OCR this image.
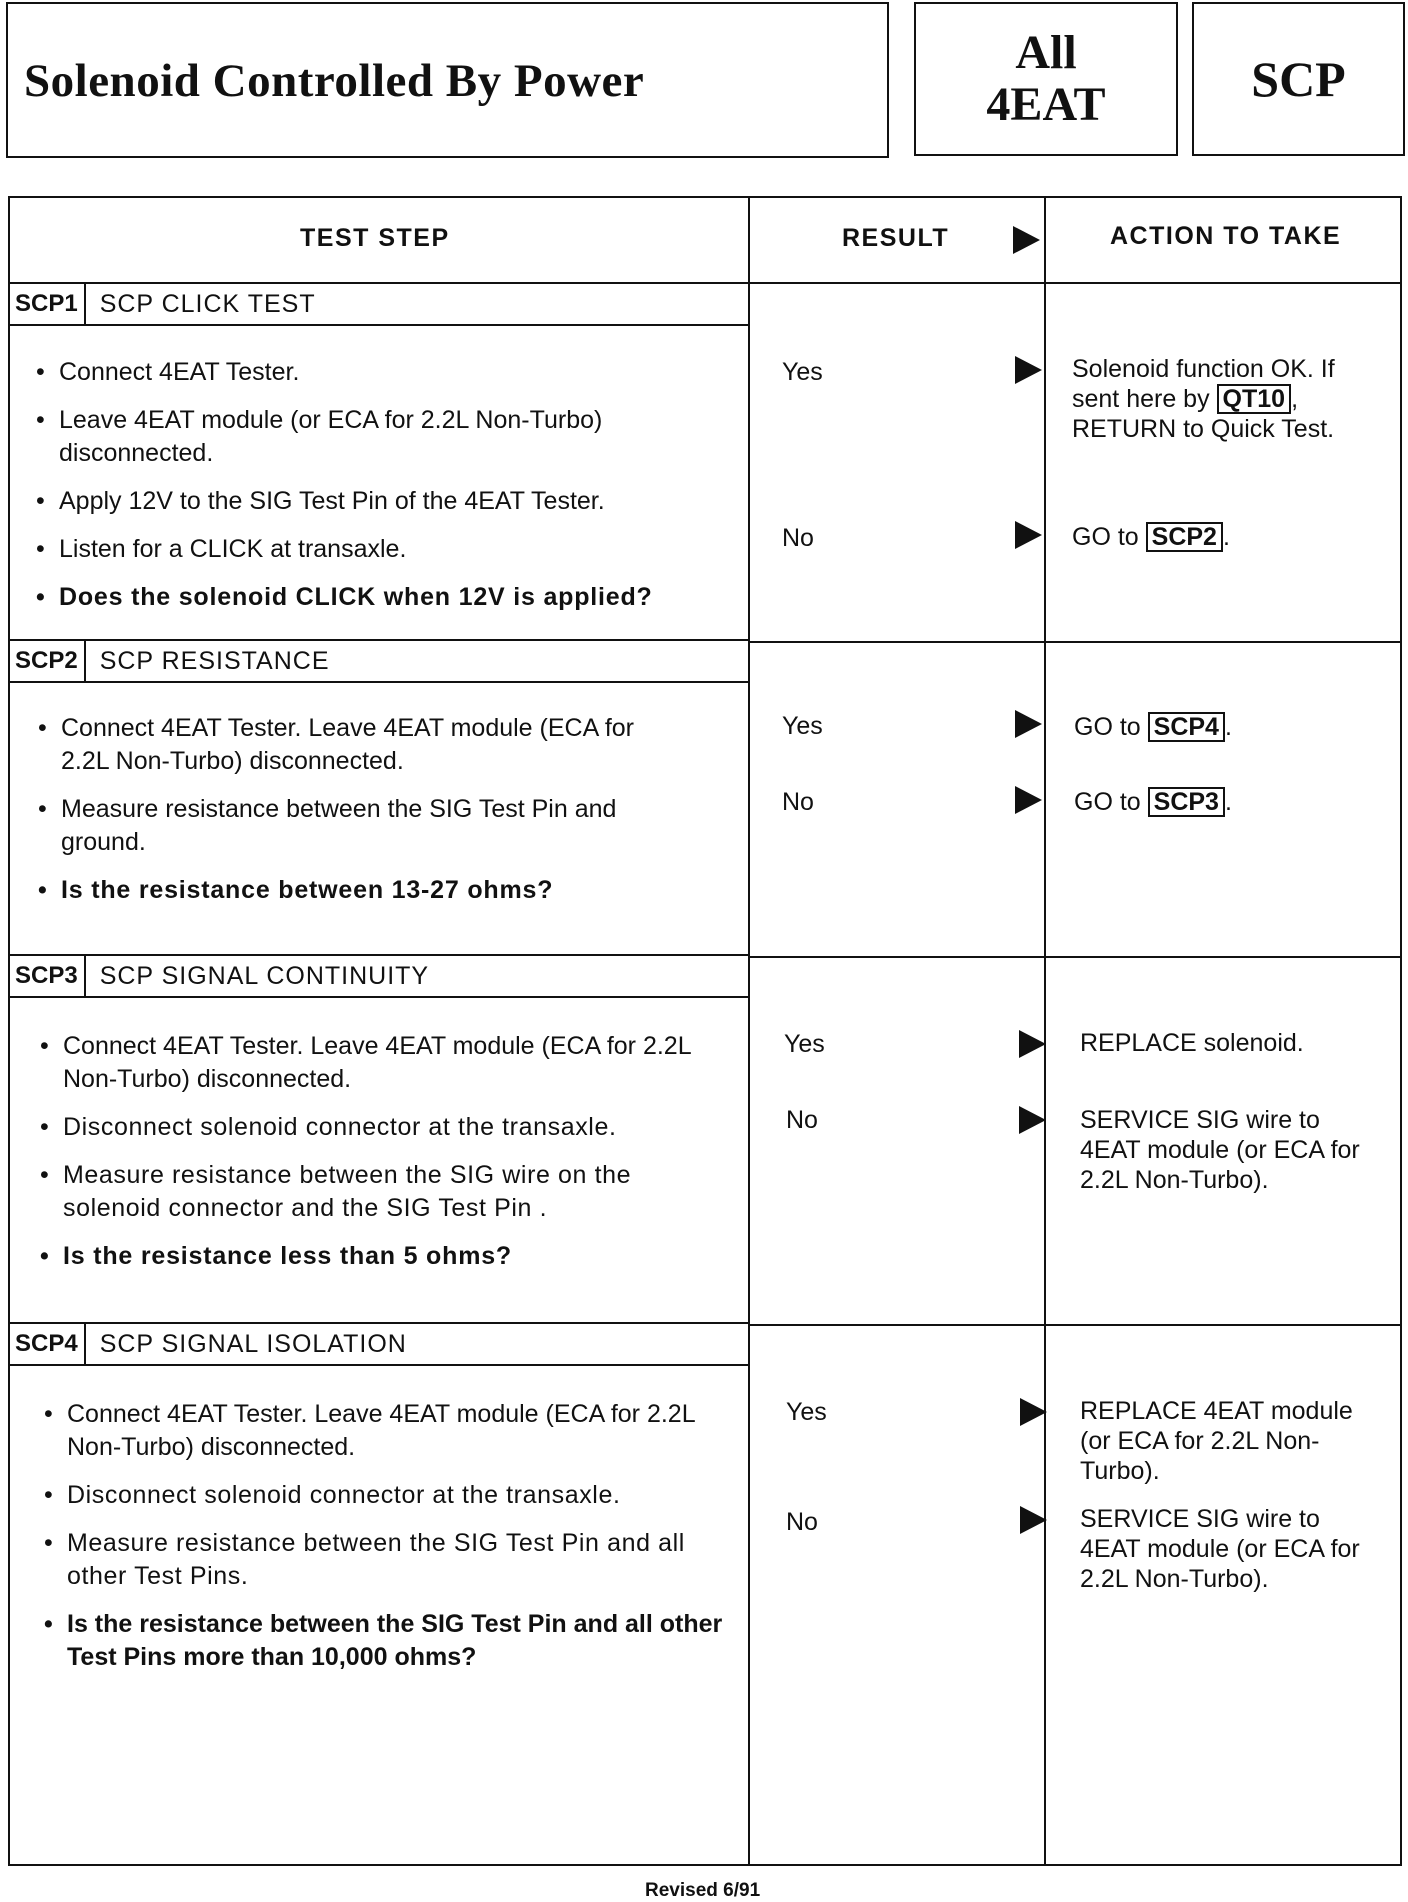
Solenoid Controlled By Power
All
4EAT	SCP
TEST STEP	RESULT	ACTION TO TAKE
SCP1 SCP CLICK TEST
• Connect 4EAT Tester.
• Leave 4EAT module (or ECA for 2.2L Non-Turbo) disconnected.
• Apply 12V to the SIG Test Pin of the 4EAT Tester.
• Listen for a CLICK at transaxle.
• Does the solenoid CLICK when 12V is applied?
Yes	Solenoid function OK. If sent here by QT10 , RETURN to Quick Test.
No	GO to SCP2 .
SCP2 SCP RESISTANCE
• Connect 4EAT Tester. Leave 4EAT module (ECA for 2.2L Non-Turbo) disconnected.
• Measure resistance between the SIG Test Pin and ground.
• Is the resistance between 13-27 ohms?
Yes	GO to SCP4 .
No	GO to SCP3 .
SCP3 SCP SIGNAL CONTINUITY
• Connect 4EAT Tester. Leave 4EAT module (ECA for 2.2L Non-Turbo) disconnected.
• Disconnect solenoid connector at the transaxle.
• Measure resistance between the SIG wire on the solenoid connector and the SIG Test Pin .
• Is the resistance less than 5 ohms?
Yes	REPLACE solenoid.
No	SERVICE SIG wire to 4EAT module (or ECA for 2.2L Non-Turbo).
SCP4 SCP SIGNAL ISOLATION
• Connect 4EAT Tester. Leave 4EAT module (ECA for 2.2L Non-Turbo) disconnected.
• Disconnect solenoid connector at the transaxle.
• Measure resistance between the SIG Test Pin and all other Test Pins.
• Is the resistance between the SIG Test Pin and all other Test Pins more than 10,000 ohms?
Yes	REPLACE 4EAT module (or ECA for 2.2L Non-Turbo).
No	SERVICE SIG wire to 4EAT module (or ECA for 2.2L Non-Turbo).
Revised 6/91
